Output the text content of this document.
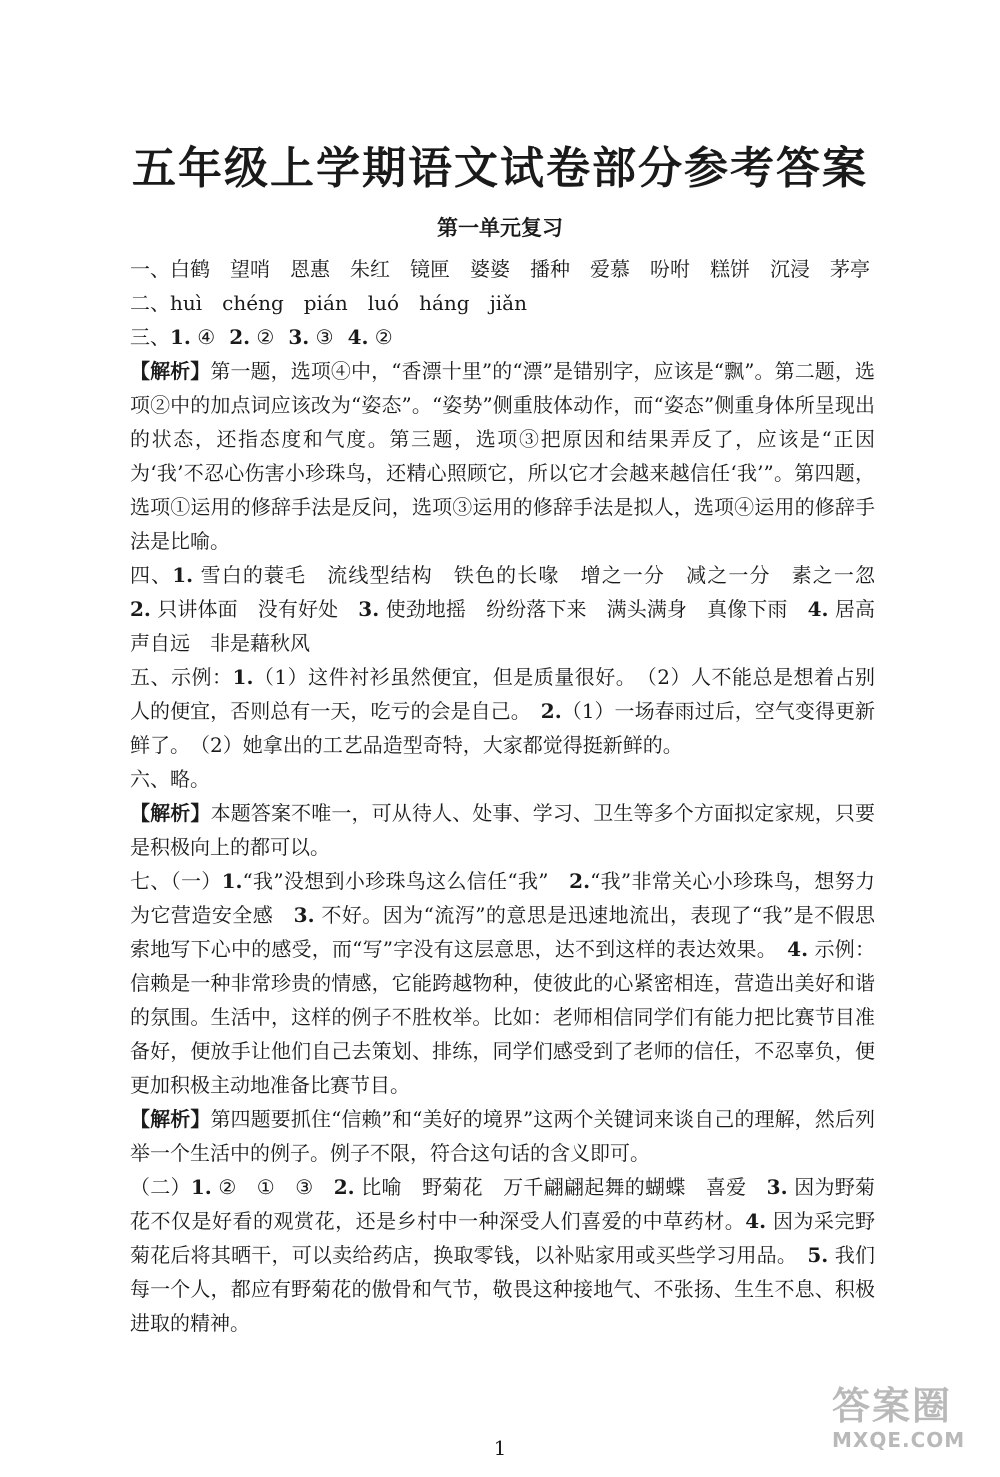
五年级上学期语文试卷部分参考答案
第一单元复习

一、白鹤　望哨　恩惠　朱红　镜匣　婆婆　播种　爱慕　吩咐　糕饼　沉浸　茅亭

二、huì　chéng　pián　luó　háng　jiǎn

三、1. ④ 2. ② 3. ③ 4. ②

【解析】第一题，选项④中，“香漂十里”的“漂”是错别字，应该是“飘”。第二题，选项②中的加点词应该改为“姿态”。“姿势”侧重肢体动作，而“姿态”侧重身体所呈现出的状态，还指态度和气度。第三题，选项③把原因和结果弄反了，应该是“正因为‘我’不忍心伤害小珍珠鸟，还精心照顾它，所以它才会越来越信任‘我’”。第四题，选项①运用的修辞手法是反问，选项③运用的修辞手法是拟人，选项④运用的修辞手法是比喻。

四、1. 雪白的蓑毛　流线型结构　铁色的长喙　增之一分　减之一分　素之一忽　2. 只讲体面　没有好处　3. 使劲地摇　纷纷落下来　满头满身　真像下雨　4. 居高声自远　非是藉秋风

五、示例：1.（1）这件衬衫虽然便宜，但是质量很好。　（2）人不能总是想着占别人的便宜，否则总有一天，吃亏的会是自己。　2.（1）一场春雨过后，空气变得更新鲜了。　（2）她拿出的工艺品造型奇特，大家都觉得挺新鲜的。

六、略。

【解析】本题答案不唯一，可从待人、处事、学习、卫生等多个方面拟定家规，只要是积极向上的都可以。

七、（一）1.“我”没想到小珍珠鸟这么信任“我”　2.“我”非常关心小珍珠鸟，想努力为它营造安全感　3. 不好。因为“流泻”的意思是迅速地流出，表现了“我”是不假思索地写下心中的感受，而“写”字没有这层意思，达不到这样的表达效果。　4. 示例：信赖是一种非常珍贵的情感，它能跨越物种，使彼此的心紧密相连，营造出美好和谐的氛围。生活中，这样的例子不胜枚举。比如：老师相信同学们有能力把比赛节目准备好，便放手让他们自己去策划、排练，同学们感受到了老师的信任，不忍辜负，便更加积极主动地准备比赛节目。

【解析】第四题要抓住“信赖”和“美好的境界”这两个关键词来谈自己的理解，然后列举一个生活中的例子。例子不限，符合这句话的含义即可。

（二）1. ②　①　③　2. 比喻　野菊花　万千翩翩起舞的蝴蝶　喜爱　3. 因为野菊花不仅是好看的观赏花，还是乡村中一种深受人们喜爱的中草药材。4. 因为采完野菊花后将其晒干，可以卖给药店，换取零钱，以补贴家用或买些学习用品。　5. 我们每一个人，都应有野菊花的傲骨和气节，敬畏这种接地气、不张扬、生生不息、积极进取的精神。

1
答案圈
MXQE.COM
